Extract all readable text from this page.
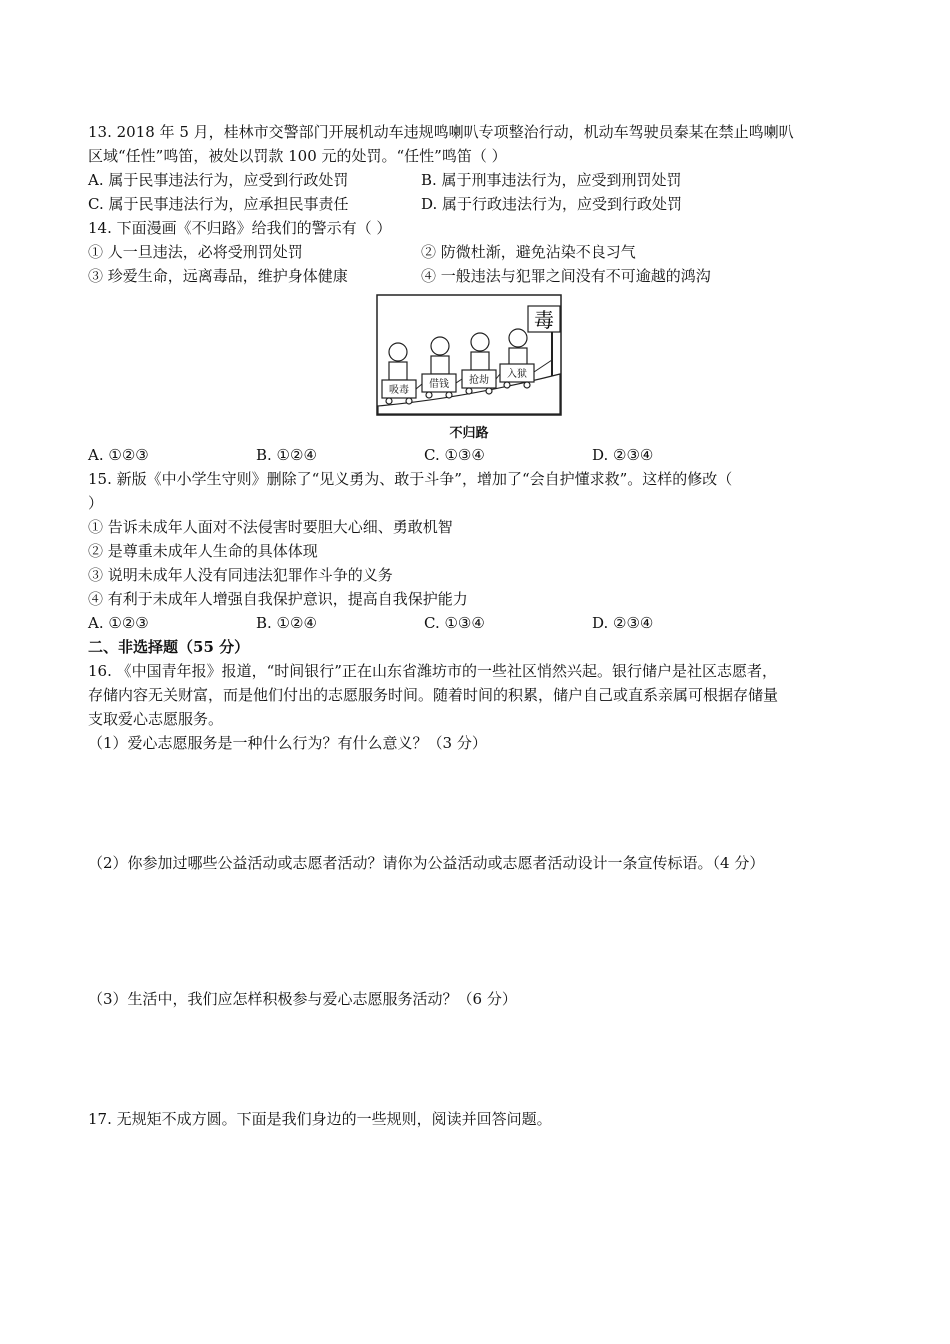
13. 2018 年 5 月，桂林市交警部门开展机动车违规鸣喇叭专项整治行动，机动车驾驶员秦某在禁止鸣喇叭
区域“任性”鸣笛，被处以罚款 100 元的处罚。“任性”鸣笛（ ）
A. 属于民事违法行为，应受到行政处罚	B. 属于刑事违法行为，应受到刑罚处罚
C. 属于民事违法行为，应承担民事责任	D. 属于行政违法行为，应受到行政处罚
14. 下面漫画《不归路》给我们的警示有（ ）
① 人一旦违法，必将受刑罚处罚	② 防微杜渐，避免沾染不良习气
③ 珍爱生命，远离毒品，维护身体健康	④ 一般违法与犯罪之间没有不可逾越的鸿沟
毒
吸毒
借钱 抢劫
入狱
不归路
A. ①②③	B. ①②④	C. ①③④	D. ②③④
15. 新版《中小学生守则》删除了“见义勇为、敢于斗争”，增加了“会自护懂求救”。这样的修改（
）
① 告诉未成年人面对不法侵害时要胆大心细、勇敢机智
② 是尊重未成年人生命的具体体现
③ 说明未成年人没有同违法犯罪作斗争的义务
④ 有利于未成年人增强自我保护意识，提高自我保护能力
A. ①②③	B. ①②④	C. ①③④	D. ②③④
二、非选择题（55 分）
16. 《中国青年报》报道，“时间银行”正在山东省潍坊市的一些社区悄然兴起。银行储户是社区志愿者，
存储内容无关财富，而是他们付出的志愿服务时间。随着时间的积累，储户自己或直系亲属可根据存储量
支取爱心志愿服务。
（1）爱心志愿服务是一种什么行为？有什么意义？（3 分）
（2）你参加过哪些公益活动或志愿者活动？请你为公益活动或志愿者活动设计一条宣传标语。（4 分）
（3）生活中，我们应怎样积极参与爱心志愿服务活动？（6 分）
17. 无规矩不成方圆。下面是我们身边的一些规则，阅读并回答问题。
